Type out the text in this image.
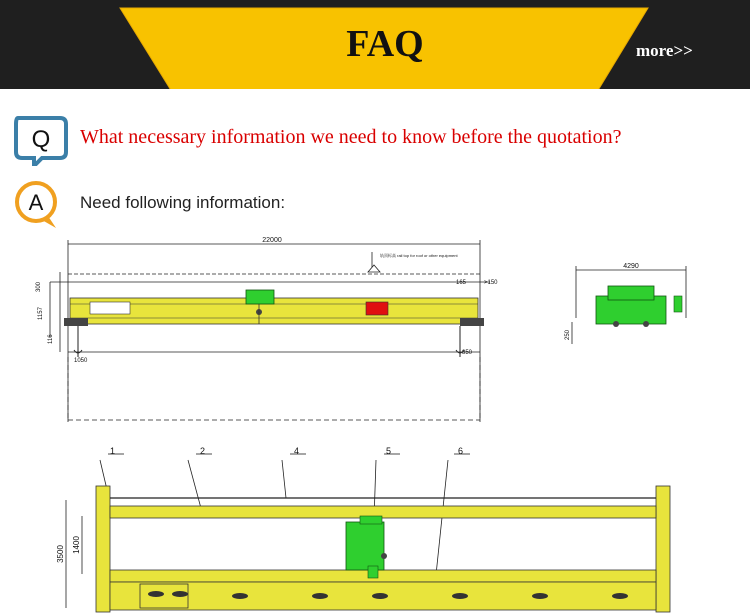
FAQ	more>>
Q What necessary information we need to know before the quotation?
A Need following information:
22000
轨顶标高 rail top for roof or other equipment
165	>150
300
1157
116
1050
850
4290
250
1	2	4	5	6
3500
1400
